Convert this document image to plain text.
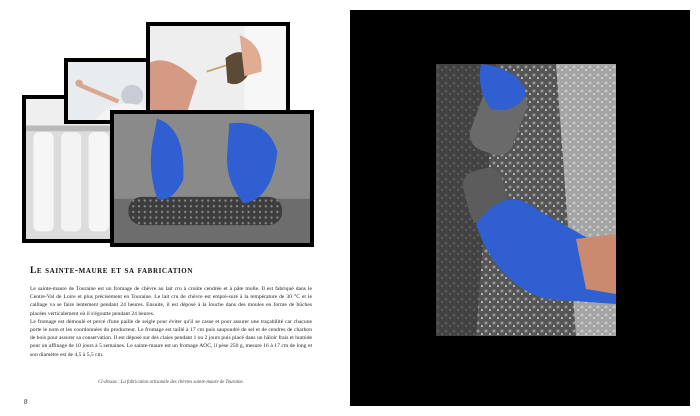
Le sainte-maure et sa fabrication

Le sainte-maure de Touraine est un fromage de chèvre au lait cru à croûte cendrée et à pâte molle. Il est fabriqué dans le Centre-Val de Loire et plus précisément en Touraine. Le lait cru de chèvre est empré-suré à la température de 30 °C et le caillage va se faire lentement pendant 24 heures. Ensuite, il est déposé à la louche dans des moules en forme de bûches placées verticalement où il s'égoutte pendant 24 heures.

Le fromage est démoulé et percé d'une paille de seigle pour éviter qu'il se casse et pour assurer une traçabilité car chacune porte le nom et les coordonnées du producteur. Le fromage est taillé à 17 cm puis saupoudré de sel et de cendres de charbon de bois pour assurer sa conservation. Il est déposé sur des claies pendant 1 ou 2 jours puis placé dans un hâloir frais et humide pour un affinage de 10 jours à 5 semaines. Le sainte-maure est un fromage AOC, il pèse 250 g, mesure 16 à 17 cm de long et son diamètre est de 4,5 à 5,5 cm.

Ci-dessus : La fabrication artisanale des chèvres sainte-maure de Touraine.
8
